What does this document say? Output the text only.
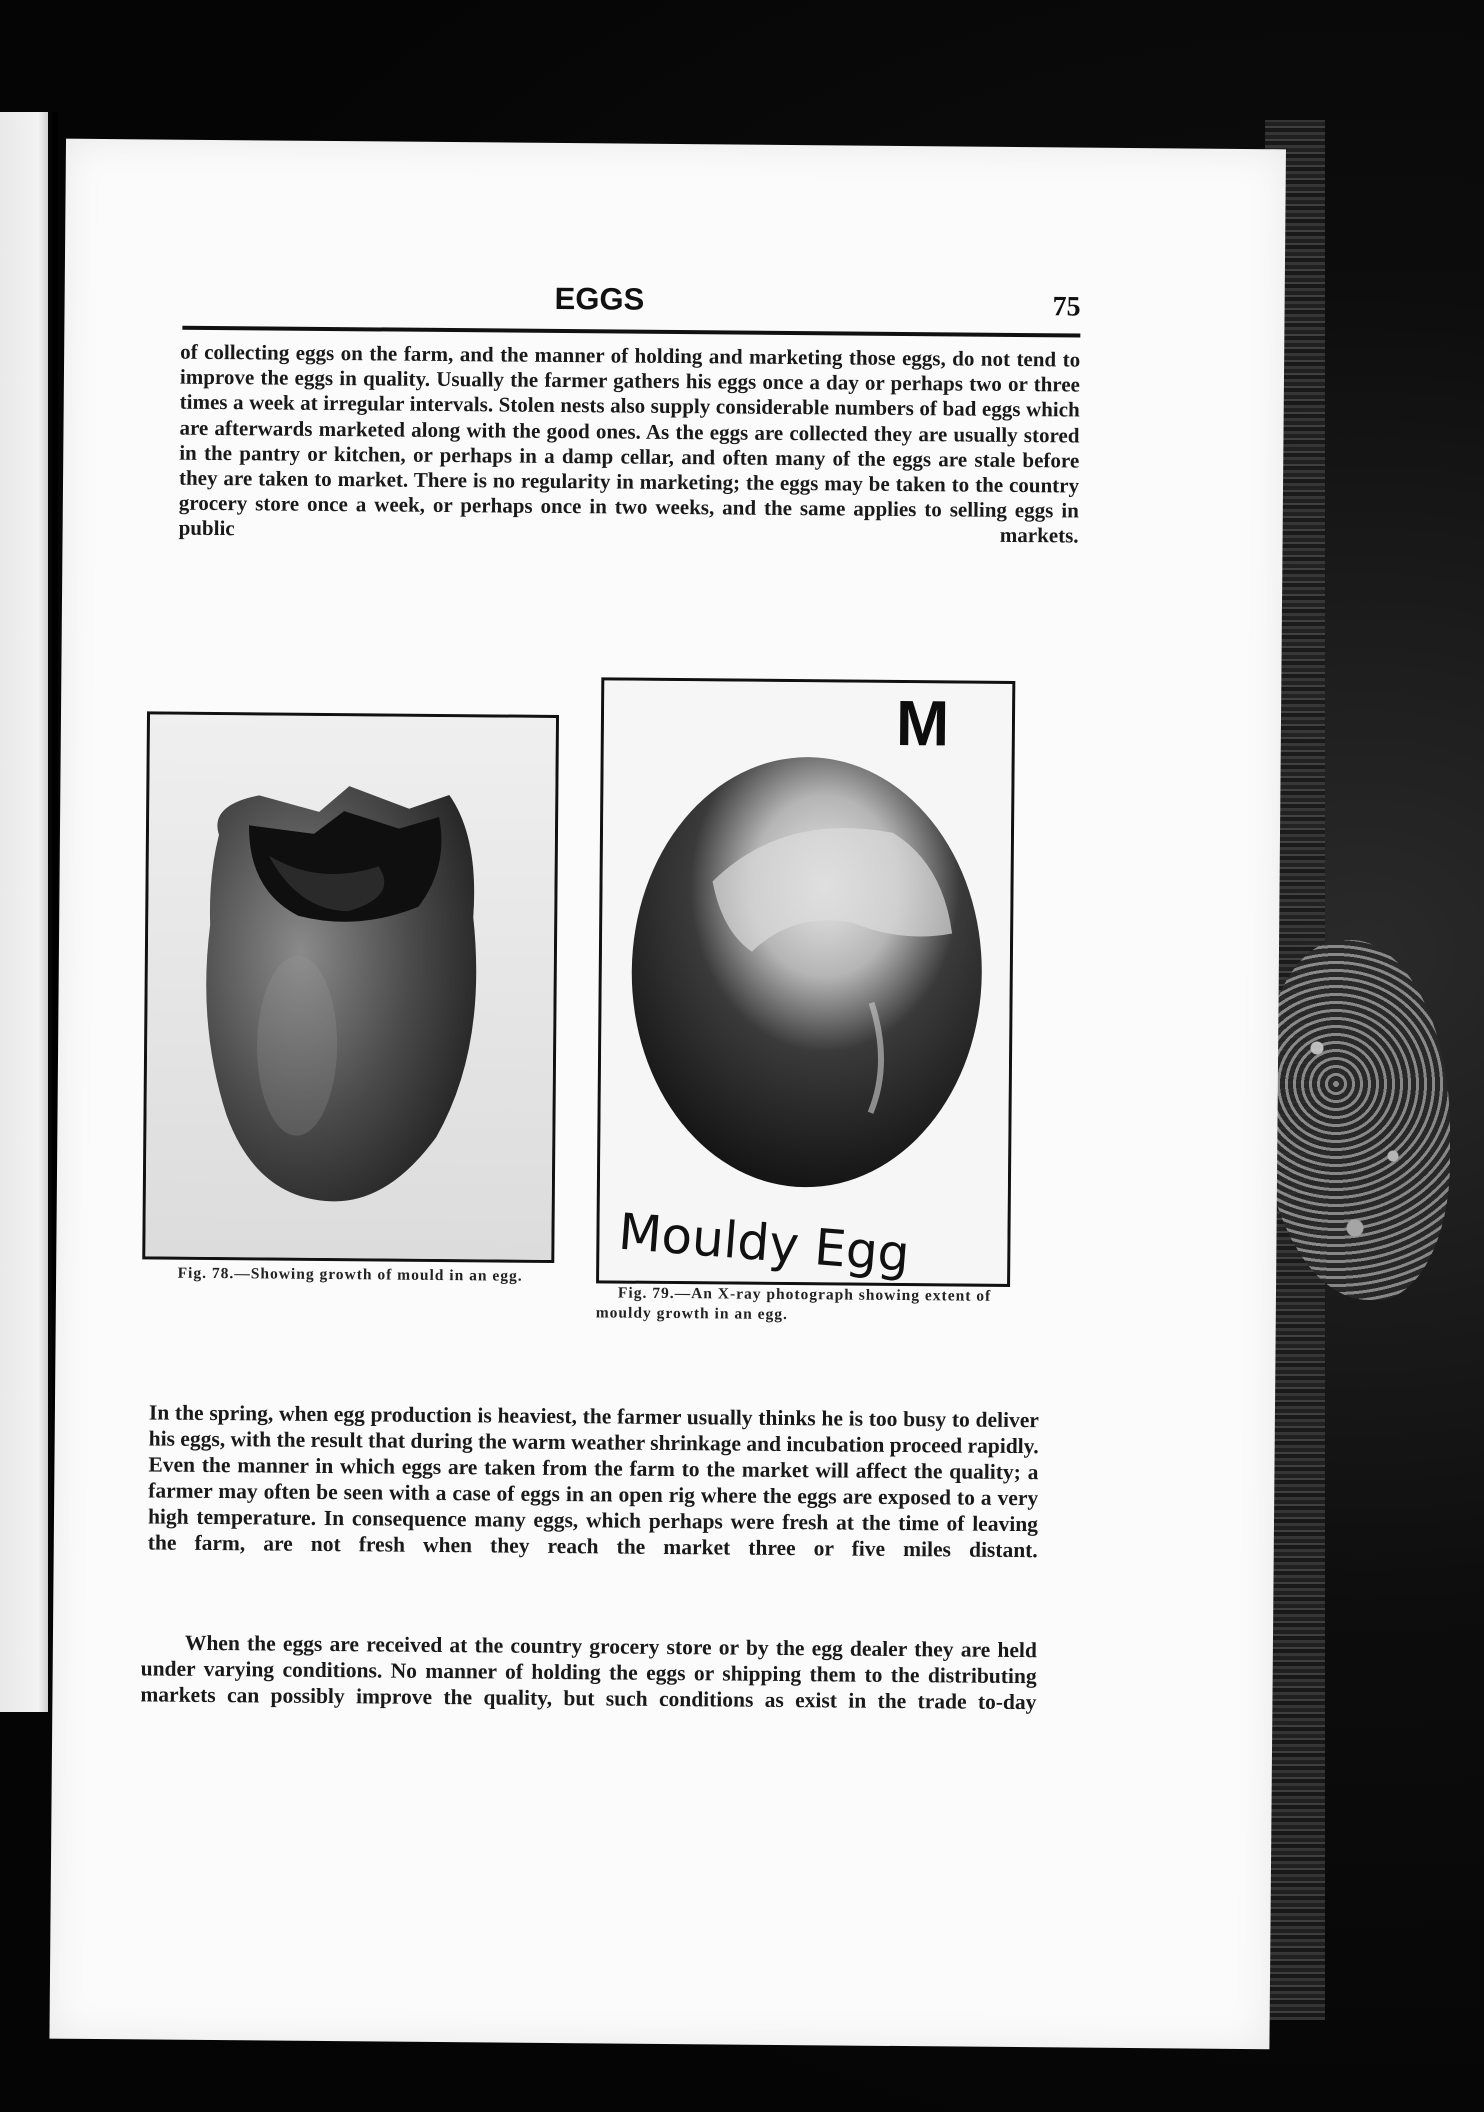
EGGS	75

of collecting eggs on the farm, and the manner of holding and marketing those eggs, do not tend to improve the eggs in quality. Usually the farmer gathers his eggs once a day or perhaps two or three times a week at irregular intervals. Stolen nests also supply considerable numbers of bad eggs which are afterwards marketed along with the good ones. As the eggs are collected they are usually stored in the pantry or kitchen, or perhaps in a damp cellar, and often many of the eggs are stale before they are taken to market. There is no regularity in marketing; the eggs may be taken to the country grocery store once a week, or perhaps once in two weeks, and the same applies to selling eggs in public markets.

Fig. 78.—Showing growth of mould in an egg.

M
Mouldy Egg

Fig. 79.—An X-ray photograph showing extent of mouldy growth in an egg.

In the spring, when egg production is heaviest, the farmer usually thinks he is too busy to deliver his eggs, with the result that during the warm weather shrinkage and incubation proceed rapidly. Even the manner in which eggs are taken from the farm to the market will affect the quality; a farmer may often be seen with a case of eggs in an open rig where the eggs are exposed to a very high temperature. In consequence many eggs, which perhaps were fresh at the time of leaving the farm, are not fresh when they reach the market three or five miles distant.

When the eggs are received at the country grocery store or by the egg dealer they are held under varying conditions. No manner of holding the eggs or shipping them to the distributing markets can possibly improve the quality, but such conditions as exist in the trade to-day
